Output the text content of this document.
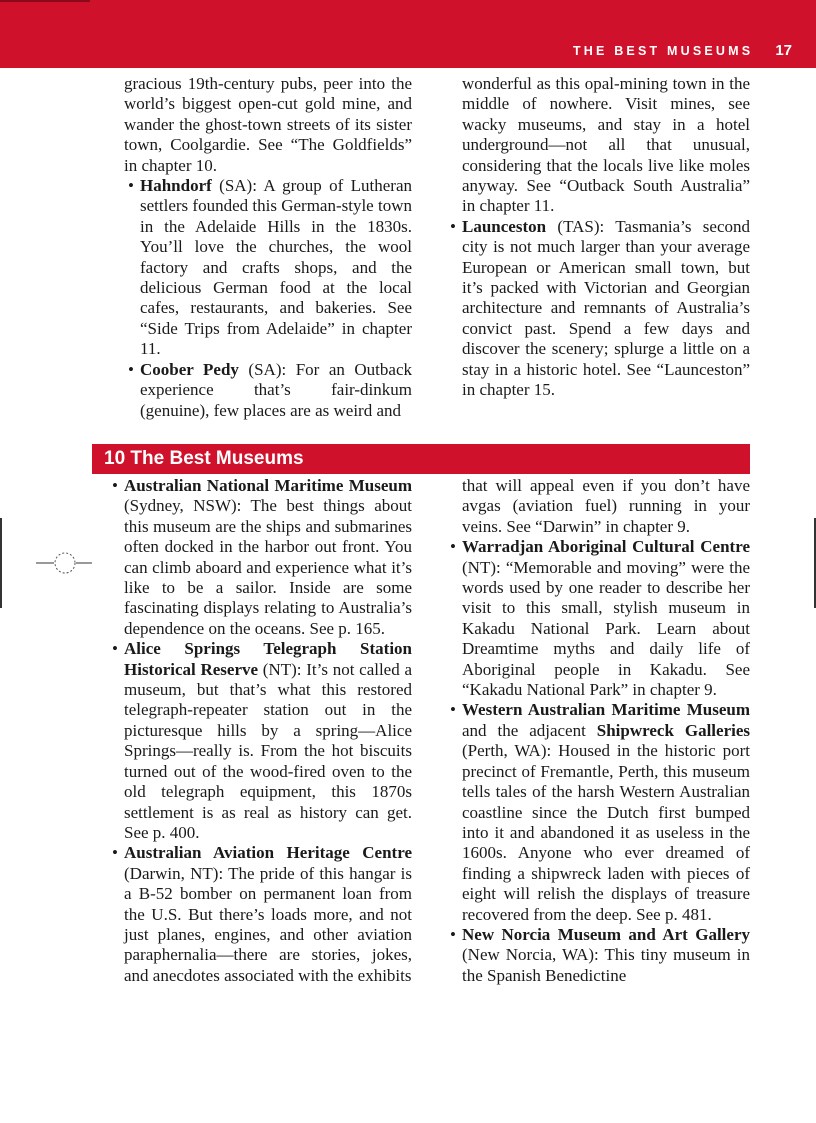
THE BEST MUSEUMS 17

gracious 19th-century pubs, peer into the world’s biggest open-cut gold mine, and wander the ghost-town streets of its sister town, Coolgardie. See “The Goldfields” in chapter 10.

• Hahndorf (SA): A group of Lutheran settlers founded this German-style town in the Adelaide Hills in the 1830s. You’ll love the churches, the wool factory and crafts shops, and the delicious German food at the local cafes, restaurants, and bakeries. See “Side Trips from Adelaide” in chapter 11.

• Coober Pedy (SA): For an Outback experience that’s fair-dinkum (genuine), few places are as weird and

wonderful as this opal-mining town in the middle of nowhere. Visit mines, see wacky museums, and stay in a hotel underground—not all that unusual, considering that the locals live like moles anyway. See “Outback South Australia” in chapter 11.

• Launceston (TAS): Tasmania’s second city is not much larger than your average European or American small town, but it’s packed with Victorian and Georgian architecture and remnants of Australia’s convict past. Spend a few days and discover the scenery; splurge a little on a stay in a historic hotel. See “Launceston” in chapter 15.

10 The Best Museums

• Australian National Maritime Museum (Sydney, NSW): The best things about this museum are the ships and submarines often docked in the harbor out front. You can climb aboard and experience what it’s like to be a sailor. Inside are some fascinating displays relating to Australia’s dependence on the oceans. See p. 165.

• Alice Springs Telegraph Station Historical Reserve (NT): It’s not called a museum, but that’s what this restored telegraph-repeater station out in the picturesque hills by a spring—Alice Springs—really is. From the hot biscuits turned out of the wood-fired oven to the old telegraph equipment, this 1870s settlement is as real as history can get. See p. 400.

• Australian Aviation Heritage Centre (Darwin, NT): The pride of this hangar is a B-52 bomber on permanent loan from the U.S. But there’s loads more, and not just planes, engines, and other aviation paraphernalia—there are stories, jokes, and anecdotes associated with the exhibits

that will appeal even if you don’t have avgas (aviation fuel) running in your veins. See “Darwin” in chapter 9.

• Warradjan Aboriginal Cultural Centre (NT): “Memorable and moving” were the words used by one reader to describe her visit to this small, stylish museum in Kakadu National Park. Learn about Dreamtime myths and daily life of Aboriginal people in Kakadu. See “Kakadu National Park” in chapter 9.

• Western Australian Maritime Museum and the adjacent Shipwreck Galleries (Perth, WA): Housed in the historic port precinct of Fremantle, Perth, this museum tells tales of the harsh Western Australian coastline since the Dutch first bumped into it and abandoned it as useless in the 1600s. Anyone who ever dreamed of finding a shipwreck laden with pieces of eight will relish the displays of treasure recovered from the deep. See p. 481.

• New Norcia Museum and Art Gallery (New Norcia, WA): This tiny museum in the Spanish Benedictine
